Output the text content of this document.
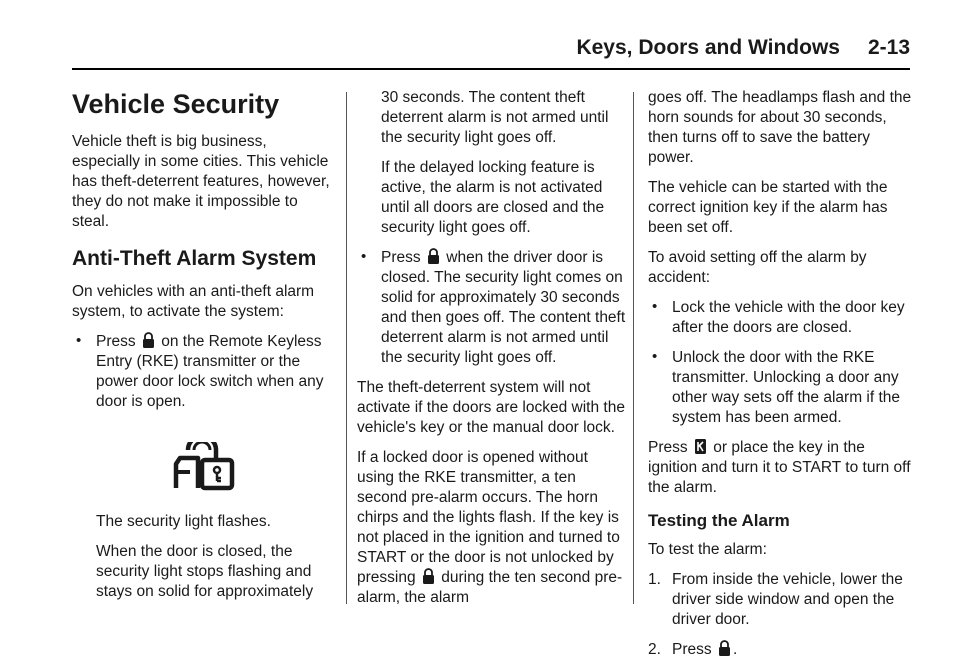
Keys, Doors and Windows 2-13
Vehicle Security

Vehicle theft is big business, especially in some cities. This vehicle has theft-deterrent features, however, they do not make it impossible to steal.

Anti-Theft Alarm System

On vehicles with an anti-theft alarm system, to activate the system:

• Press on the Remote Keyless Entry (RKE) transmitter or the power door lock switch when any door is open.

The security light flashes.

When the door is closed, the security light stops flashing and stays on solid for approximately

30 seconds. The content theft deterrent alarm is not armed until the security light goes off.

If the delayed locking feature is active, the alarm is not activated until all doors are closed and the security light goes off.

• Press when the driver door is closed. The security light comes on solid for approximately 30 seconds and then goes off. The content theft deterrent alarm is not armed until the security light goes off.

The theft-deterrent system will not activate if the doors are locked with the vehicle's key or the manual door lock.

If a locked door is opened without using the RKE transmitter, a ten second pre-alarm occurs. The horn chirps and the lights flash. If the key is not placed in the ignition and turned to START or the door is not unlocked by pressing during the ten second pre-alarm, the alarm

goes off. The headlamps flash and the horn sounds for about 30 seconds, then turns off to save the battery power.

The vehicle can be started with the correct ignition key if the alarm has been set off.

To avoid setting off the alarm by accident:

• Lock the vehicle with the door key after the doors are closed.
• Unlock the door with the RKE transmitter. Unlocking a door any other way sets off the alarm if the system has been armed.

Press or place the key in the ignition and turn it to START to turn off the alarm.

Testing the Alarm

To test the alarm:

1. From inside the vehicle, lower the driver side window and open the driver door.
2. Press .
